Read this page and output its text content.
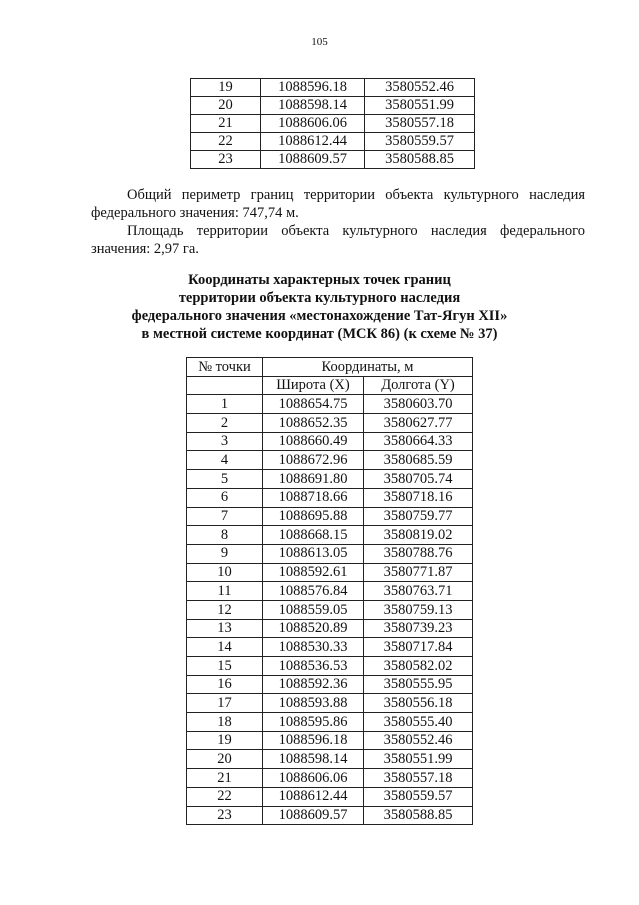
105
19	1088596.18	3580552.46
20	1088598.14	3580551.99
21	1088606.06	3580557.18
22	1088612.44	3580559.57
23	1088609.57	3580588.85
Общий периметр границ территории объекта культурного наследия федерального значения: 747,74 м.
Площадь территории объекта культурного наследия федерального значения: 2,97 га.
Координаты характерных точек границ
территории объекта культурного наследия
федерального значения «местонахождение Тат-Ягун XII»
в местной системе координат (МСК 86) (к схеме № 37)
№ точки	Координаты, м	
	Широта (X)	Долгота (Y)
1	1088654.75	3580603.70
2	1088652.35	3580627.77
3	1088660.49	3580664.33
4	1088672.96	3580685.59
5	1088691.80	3580705.74
6	1088718.66	3580718.16
7	1088695.88	3580759.77
8	1088668.15	3580819.02
9	1088613.05	3580788.76
10	1088592.61	3580771.87
11	1088576.84	3580763.71
12	1088559.05	3580759.13
13	1088520.89	3580739.23
14	1088530.33	3580717.84
15	1088536.53	3580582.02
16	1088592.36	3580555.95
17	1088593.88	3580556.18
18	1088595.86	3580555.40
19	1088596.18	3580552.46
20	1088598.14	3580551.99
21	1088606.06	3580557.18
22	1088612.44	3580559.57
23	1088609.57	3580588.85
